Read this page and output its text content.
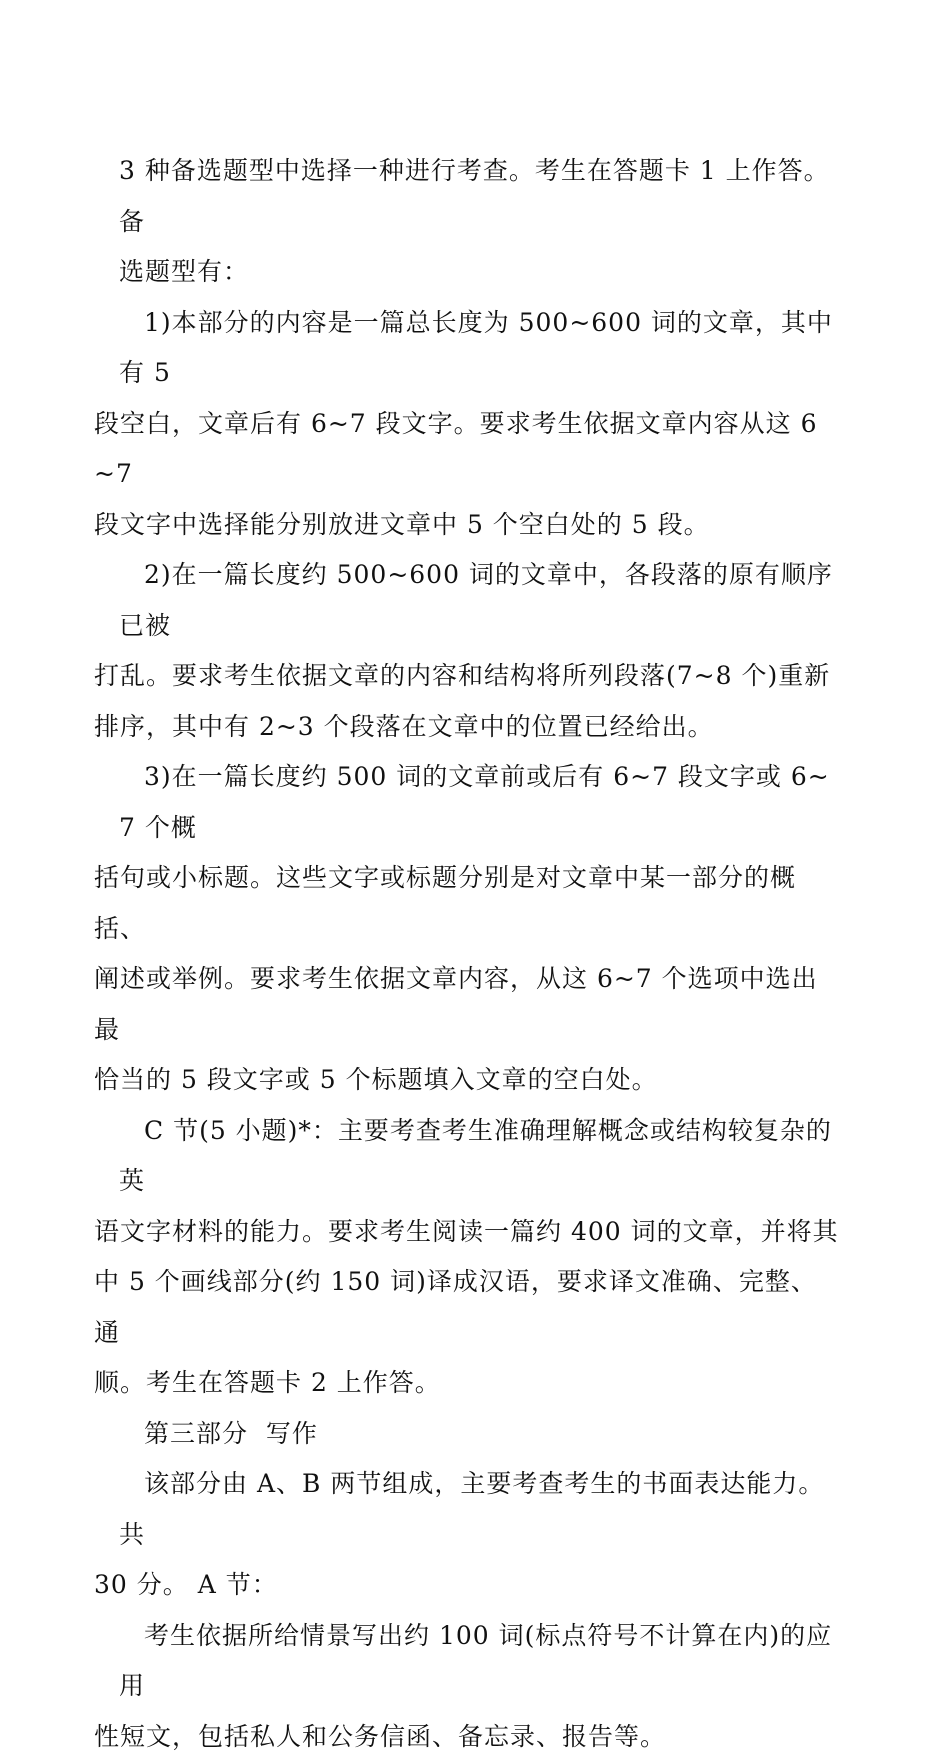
3 种备选题型中选择一种进行考查。考生在答题卡 1 上作答。 备
选题型有：

1)本部分的内容是一篇总长度为 500~600 词的文章，其中有 5
段空白，文章后有 6~7 段文字。要求考生依据文章内容从这 6~7
段文字中选择能分别放进文章中 5 个空白处的 5 段。

2)在一篇长度约 500~600 词的文章中，各段落的原有顺序已被
打乱。要求考生依据文章的内容和结构将所列段落(7~8 个)重新
排序，其中有 2~3 个段落在文章中的位置已经给出。

3)在一篇长度约 500 词的文章前或后有 6~7 段文字或 6~7 个概
括句或小标题。这些文字或标题分别是对文章中某一部分的概括、
阐述或举例。要求考生依据文章内容，从这 6~7 个选项中选出最
恰当的 5 段文字或 5 个标题填入文章的空白处。

C 节(5 小题)*：主要考查考生准确理解概念或结构较复杂的英
语文字材料的能力。要求考生阅读一篇约 400 词的文章，并将其
中 5 个画线部分(约 150 词)译成汉语，要求译文准确、完整、通
顺。考生在答题卡 2 上作答。

第三部分  写作

该部分由 A、B 两节组成，主要考查考生的书面表达能力。共
30 分。 A 节：

考生依据所给情景写出约 100 词(标点符号不计算在内)的应用
性短文，包括私人和公务信函、备忘录、报告等。
